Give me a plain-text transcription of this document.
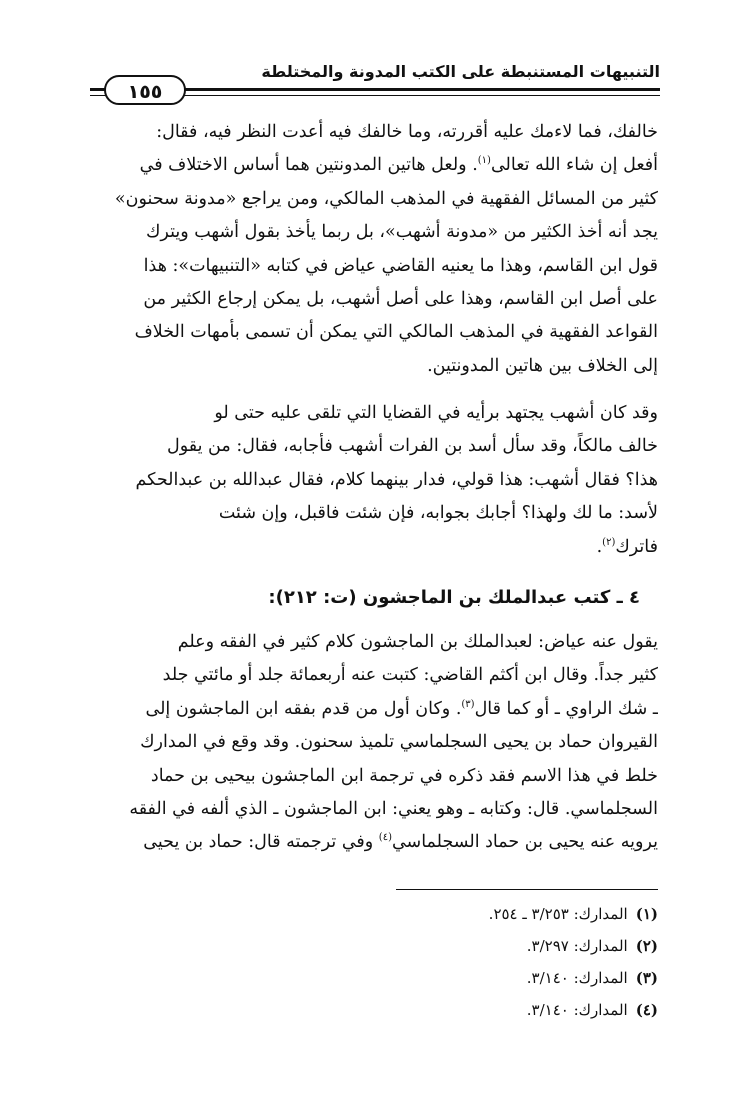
التنبيهات المستنبطة على الكتب المدونة والمختلطة
١٥٥
خالفك، فما لاءمك عليه أقررته، وما خالفك فيه أعدت النظر فيه، فقال:
أفعل إن شاء الله تعالى$^{(١)}$. ولعل هاتين المدونتين هما أساس الاختلاف في
كثير من المسائل الفقهية في المذهب المالكي، ومن يراجع «مدونة سحنون»
يجد أنه أخذ الكثير من «مدونة أشهب»، بل ربما يأخذ بقول أشهب ويترك
قول ابن القاسم، وهذا ما يعنيه القاضي عياض في كتابه «التنبيهات»: هذا
على أصل ابن القاسم، وهذا على أصل أشهب، بل يمكن إرجاع الكثير من
القواعد الفقهية في المذهب المالكي التي يمكن أن تسمى بأمهات الخلاف
إلى الخلاف بين هاتين المدونتين.
وقد كان أشهب يجتهد برأيه في القضايا التي تلقى عليه حتى لو
خالف مالكاً، وقد سأل أسد بن الفرات أشهب فأجابه، فقال: من يقول
هذا؟ فقال أشهب: هذا قولي، فدار بينهما كلام، فقال عبدالله بن عبدالحكم
لأسد: ما لك ولهذا؟ أجابك بجوابه، فإن شئت فاقبل، وإن شئت
فاترك$^{(٢)}$.
٤ ـ كتب عبدالملك بن الماجشون (ت: ٢١٢):
يقول عنه عياض: لعبدالملك بن الماجشون كلام كثير في الفقه وعلم
كثير جداً. وقال ابن أكثم القاضي: كتبت عنه أربعمائة جلد أو مائتي جلد
ـ شك الراوي ـ أو كما قال$^{(٣)}$. وكان أول من قدم بفقه ابن الماجشون إلى
القيروان حماد بن يحيى السجلماسي تلميذ سحنون. وقد وقع في المدارك
خلط في هذا الاسم فقد ذكره في ترجمة ابن الماجشون بيحيى بن حماد
السجلماسي. قال: وكتابه ـ وهو يعني: ابن الماجشون ـ الذي ألفه في الفقه
يرويه عنه يحيى بن حماد السجلماسي$^{(٤)}$ وفي ترجمته قال: حماد بن يحيى
(١)المدارك: ٣/٢٥٣ ـ ٢٥٤.
(٢)المدارك: ٣/٢٩٧.
(٣)المدارك: ٣/١٤٠.
(٤)المدارك: ٣/١٤٠.
